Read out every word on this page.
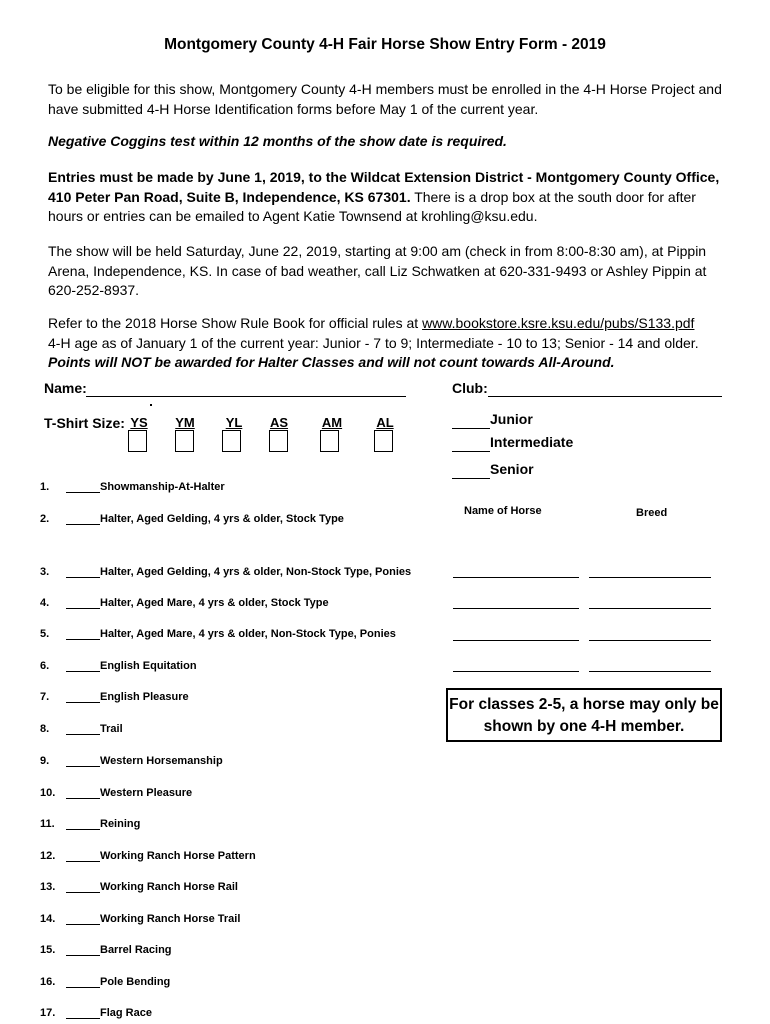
Montgomery County 4-H Fair Horse Show Entry Form - 2019
To be eligible for this show, Montgomery County 4-H members must be enrolled in the 4-H Horse Project and have submitted 4-H Horse Identification forms before May 1 of the current year.
Negative Coggins test within 12 months of the show date is required.
Entries must be made by June 1, 2019, to the Wildcat Extension District - Montgomery County Office, 410 Peter Pan Road, Suite B, Independence, KS 67301. There is a drop box at the south door for after hours or entries can be emailed to Agent Katie Townsend at krohling@ksu.edu.
The show will be held Saturday, June 22, 2019, starting at 9:00 am (check in from 8:00-8:30 am), at Pippin Arena, Independence, KS. In case of bad weather, call Liz Schwatken at 620-331-9493 or Ashley Pippin at 620-252-8937.
Refer to the 2018 Horse Show Rule Book for official rules at www.bookstore.ksre.ksu.edu/pubs/S133.pdf
4-H age as of January 1 of the current year: Junior - 7 to 9; Intermediate - 10 to 13; Senior - 14 and older.
Points will NOT be awarded for Halter Classes and will not count towards All-Around.
Name:	Club:
T-Shirt Size: YS	YM	YL	AS	AM	AL	Junior
Intermediate
Senior
Name of Horse	Breed
For classes 2-5, a horse may only be shown by one 4-H member.
1.	Showmanship-At-Halter
2.	Halter, Aged Gelding, 4 yrs & older, Stock Type
3.	Halter, Aged Gelding, 4 yrs & older, Non-Stock Type, Ponies
4.	Halter, Aged Mare, 4 yrs & older, Stock Type
5.	Halter, Aged Mare, 4 yrs & older, Non-Stock Type, Ponies
6.	English Equitation
7.	English Pleasure
8.	Trail
9.	Western Horsemanship
10.	Western Pleasure
11.	Reining
12.	Working Ranch Horse Pattern
13.	Working Ranch Horse Rail
14.	Working Ranch Horse Trail
15.	Barrel Racing
16.	Pole Bending
17.	Flag Race
